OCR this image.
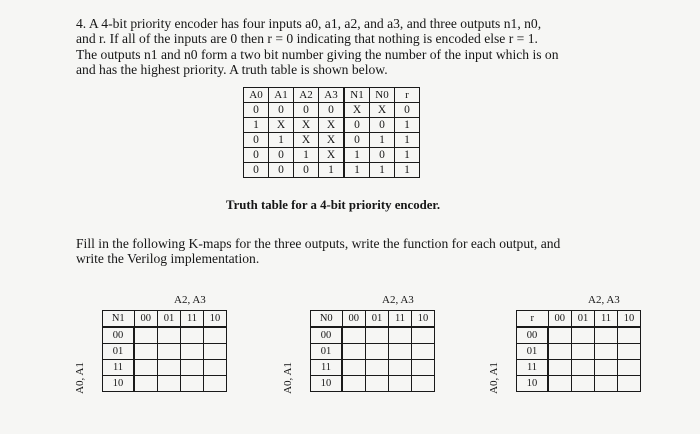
4. A 4-bit priority encoder has four inputs a0, a1, a2, and a3, and three outputs n1, n0,
and r. If all of the inputs are 0 then r = 0 indicating that nothing is encoded else r = 1.
The outputs n1 and n0 form a two bit number giving the number of the input which is on
and has the highest priority. A truth table is shown below.
A0	A1	A2	A3	N1	N0	r
0	0	0	0	X	X	0
1	X	X	X	0	0	1
0	1	X	X	0	1	1
0	0	1	X	1	0	1
0	0	0	1	1	1	1
Truth table for a 4-bit priority encoder.
Fill in the following K-maps for the three outputs, write the function for each output, and
write the Verilog implementation.
A2, A3
A0, A1
N1	00	01	11	10
00				
01				
11				
10				
A2, A3
A0, A1
N0	00	01	11	10
00				
01				
11				
10				
A2, A3
A0, A1
r	00	01	11	10
00				
01				
11				
10				
